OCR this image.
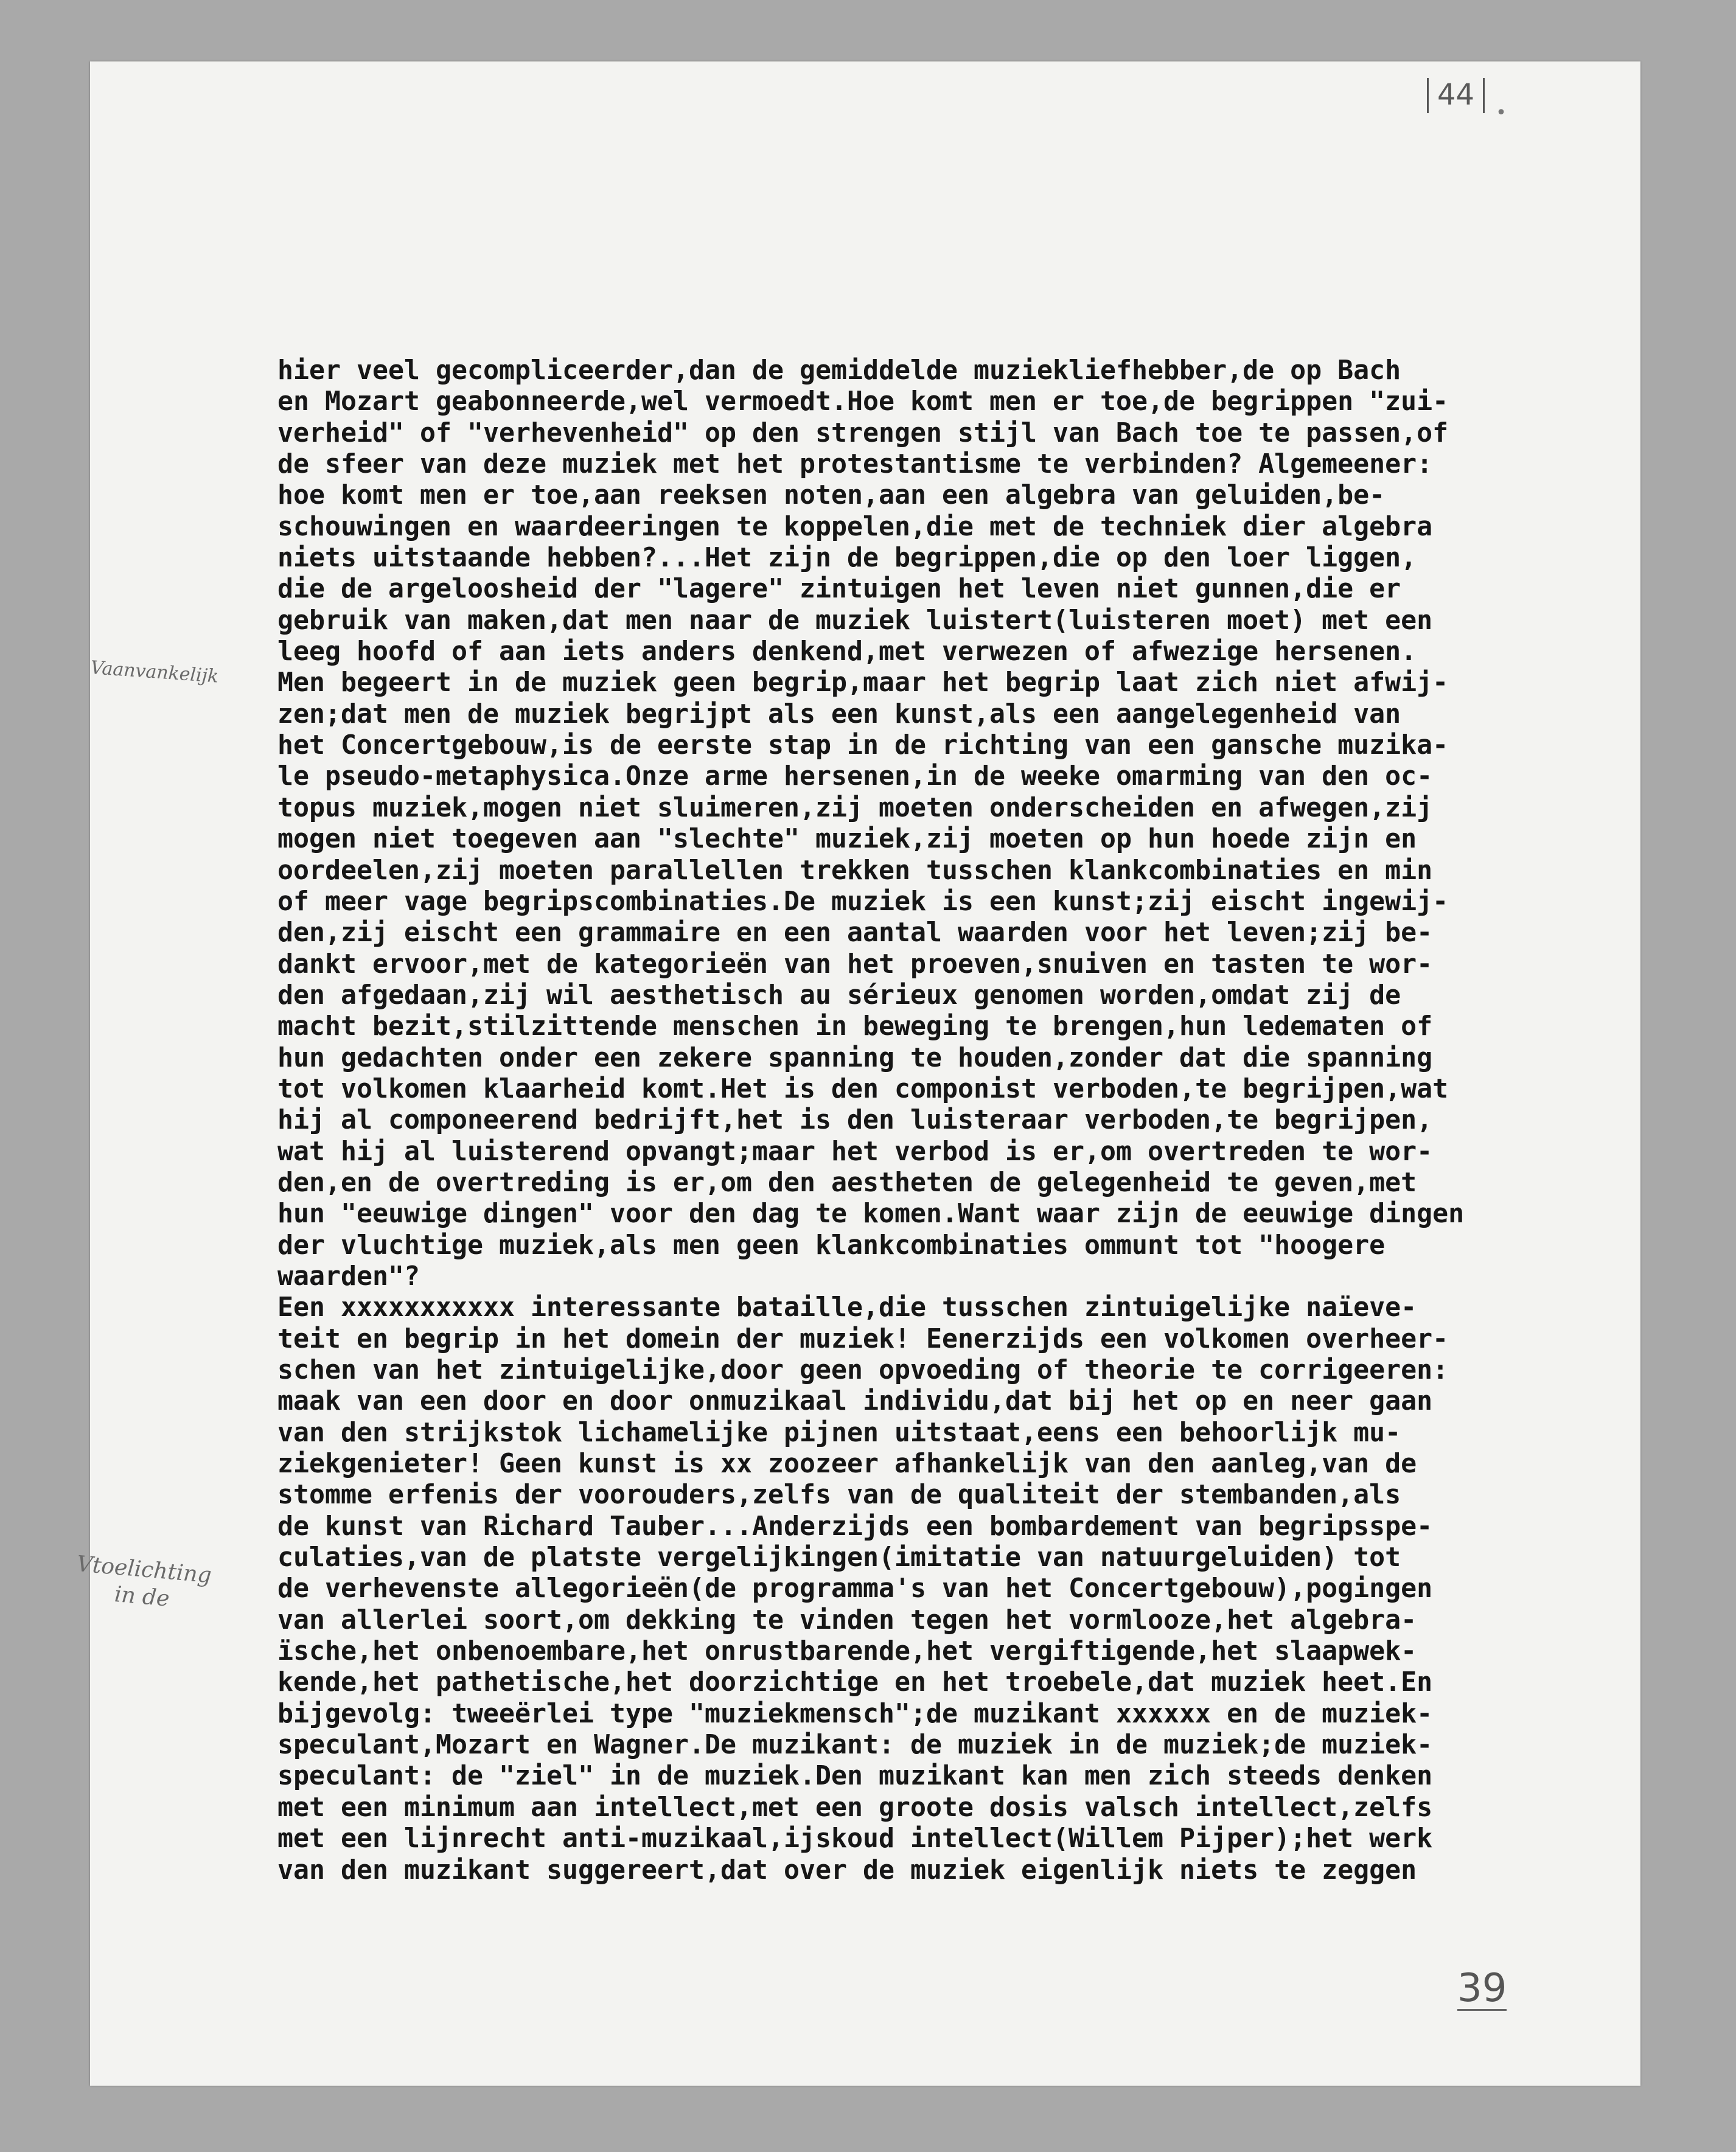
44
•
Vaanvankelijk
Vtoelichting
in de
hier veel gecompliceerder,dan de gemiddelde muziekliefhebber,de op Bach
en Mozart geabonneerde,wel vermoedt.Hoe komt men er toe,de begrippen "zui-
verheid" of "verhevenheid" op den strengen stijl van Bach toe te passen,of
de sfeer van deze muziek met het protestantisme te verbinden? Algemeener:
hoe komt men er toe,aan reeksen noten,aan een algebra van geluiden,be-
schouwingen en waardeeringen te koppelen,die met de techniek dier algebra
niets uitstaande hebben?...Het zijn de begrippen,die op den loer liggen,
die de argeloosheid der "lagere" zintuigen het leven niet gunnen,die er
gebruik van maken,dat men naar de muziek luistert(luisteren moet) met een
leeg hoofd of aan iets anders denkend,met verwezen of afwezige hersenen.
Men begeert in de muziek geen begrip,maar het begrip laat zich niet afwij-
zen;dat men de muziek begrijpt als een kunst,als een aangelegenheid van
het Concertgebouw,is de eerste stap in de richting van een gansche muzika-
le pseudo-metaphysica.Onze arme hersenen,in de weeke omarming van den oc-
topus muziek,mogen niet sluimeren,zij moeten onderscheiden en afwegen,zij
mogen niet toegeven aan "slechte" muziek,zij moeten op hun hoede zijn en
oordeelen,zij moeten parallellen trekken tusschen klankcombinaties en min
of meer vage begripscombinaties.De muziek is een kunst;zij eischt ingewij-
den,zij eischt een grammaire en een aantal waarden voor het leven;zij be-
dankt ervoor,met de kategorieën van het proeven,snuiven en tasten te wor-
den afgedaan,zij wil aesthetisch au sérieux genomen worden,omdat zij de
macht bezit,stilzittende menschen in beweging te brengen,hun ledematen of
hun gedachten onder een zekere spanning te houden,zonder dat die spanning
tot volkomen klaarheid komt.Het is den componist verboden,te begrijpen,wat
hij al componeerend bedrijft,het is den luisteraar verboden,te begrijpen,
wat hij al luisterend opvangt;maar het verbod is er,om overtreden te wor-
den,en de overtreding is er,om den aestheten de gelegenheid te geven,met
hun "eeuwige dingen" voor den dag te komen.Want waar zijn de eeuwige dingen
der vluchtige muziek,als men geen klankcombinaties ommunt tot "hoogere
waarden"?
Een xxxxxxxxxxx interessante bataille,die tusschen zintuigelijke naïeve-
teit en begrip in het domein der muziek! Eenerzijds een volkomen overheer-
schen van het zintuigelijke,door geen opvoeding of theorie te corrigeeren:
maak van een door en door onmuzikaal individu,dat bij het op en neer gaan
van den strijkstok lichamelijke pijnen uitstaat,eens een behoorlijk mu-
ziekgenieter! Geen kunst is xx zoozeer afhankelijk van den aanleg,van de
stomme erfenis der voorouders,zelfs van de qualiteit der stembanden,als
de kunst van Richard Tauber...Anderzijds een bombardement van begripsspe-
culaties,van de platste vergelijkingen(imitatie van natuurgeluiden) tot
de verhevenste allegorieën(de programma's van het Concertgebouw),pogingen
van allerlei soort,om dekking te vinden tegen het vormlooze,het algebra-
ïsche,het onbenoembare,het onrustbarende,het vergiftigende,het slaapwek-
kende,het pathetische,het doorzichtige en het troebele,dat muziek heet.En
bijgevolg: tweeërlei type "muziekmensch";de muzikant xxxxxx en de muziek-
speculant,Mozart en Wagner.De muzikant: de muziek in de muziek;de muziek-
speculant: de "ziel" in de muziek.Den muzikant kan men zich steeds denken
met een minimum aan intellect,met een groote dosis valsch intellect,zelfs
met een lijnrecht anti-muzikaal,ijskoud intellect(Willem Pijper);het werk
van den muzikant suggereert,dat over de muziek eigenlijk niets te zeggen
39
